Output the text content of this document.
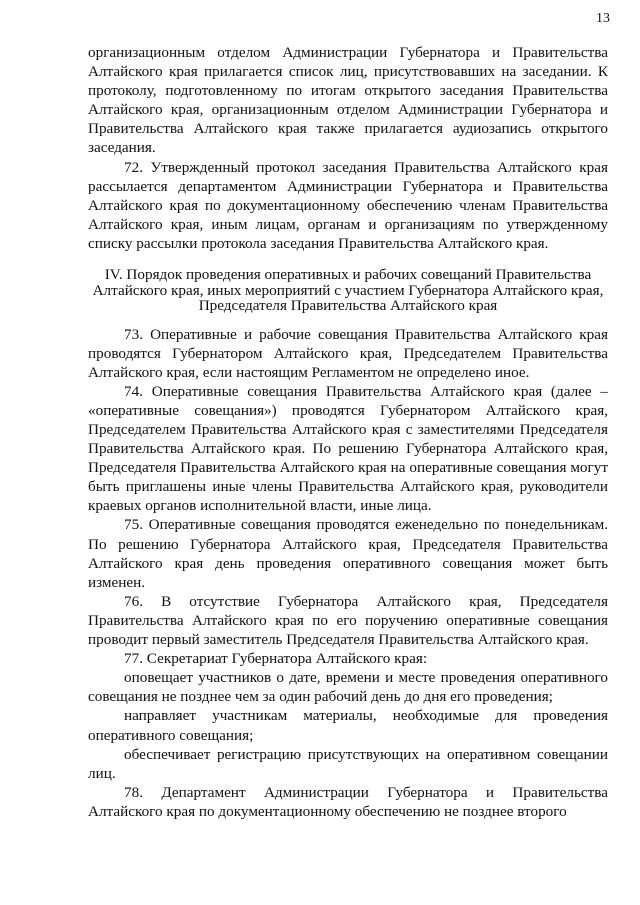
13

организационным отделом Администрации Губернатора и Правительства Алтайского края прилагается список лиц, присутствовавших на заседании. К протоколу, подготовленному по итогам открытого заседания Правительства Алтайского края, организационным отделом Администрации Губернатора и Правительства Алтайского края также прилагается аудиозапись открытого заседания.

72. Утвержденный протокол заседания Правительства Алтайского края рассылается департаментом Администрации Губернатора и Правительства Алтайского края по документационному обеспечению членам Правительства Алтайского края, иным лицам, органам и организациям по утвержденному списку рассылки протокола заседания Правительства Алтайского края.

IV. Порядок проведения оперативных и рабочих совещаний Правительства Алтайского края, иных мероприятий с участием Губернатора Алтайского края, Председателя Правительства Алтайского края

73. Оперативные и рабочие совещания Правительства Алтайского края проводятся Губернатором Алтайского края, Председателем Правительства Алтайского края, если настоящим Регламентом не определено иное.

74. Оперативные совещания Правительства Алтайского края (далее – «оперативные совещания») проводятся Губернатором Алтайского края, Председателем Правительства Алтайского края с заместителями Председателя Правительства Алтайского края. По решению Губернатора Алтайского края, Председателя Правительства Алтайского края на оперативные совещания могут быть приглашены иные члены Правительства Алтайского края, руководители краевых органов исполнительной власти, иные лица.

75. Оперативные совещания проводятся еженедельно по понедельникам. По решению Губернатора Алтайского края, Председателя Правительства Алтайского края день проведения оперативного совещания может быть изменен.

76. В отсутствие Губернатора Алтайского края, Председателя Правительства Алтайского края по его поручению оперативные совещания проводит первый заместитель Председателя Правительства Алтайского края.

77. Секретариат Губернатора Алтайского края:

оповещает участников о дате, времени и месте проведения оперативного совещания не позднее чем за один рабочий день до дня его проведения;

направляет участникам материалы, необходимые для проведения оперативного совещания;

обеспечивает регистрацию присутствующих на оперативном совещании лиц.

78. Департамент Администрации Губернатора и Правительства Алтайского края по документационному обеспечению не позднее второго
